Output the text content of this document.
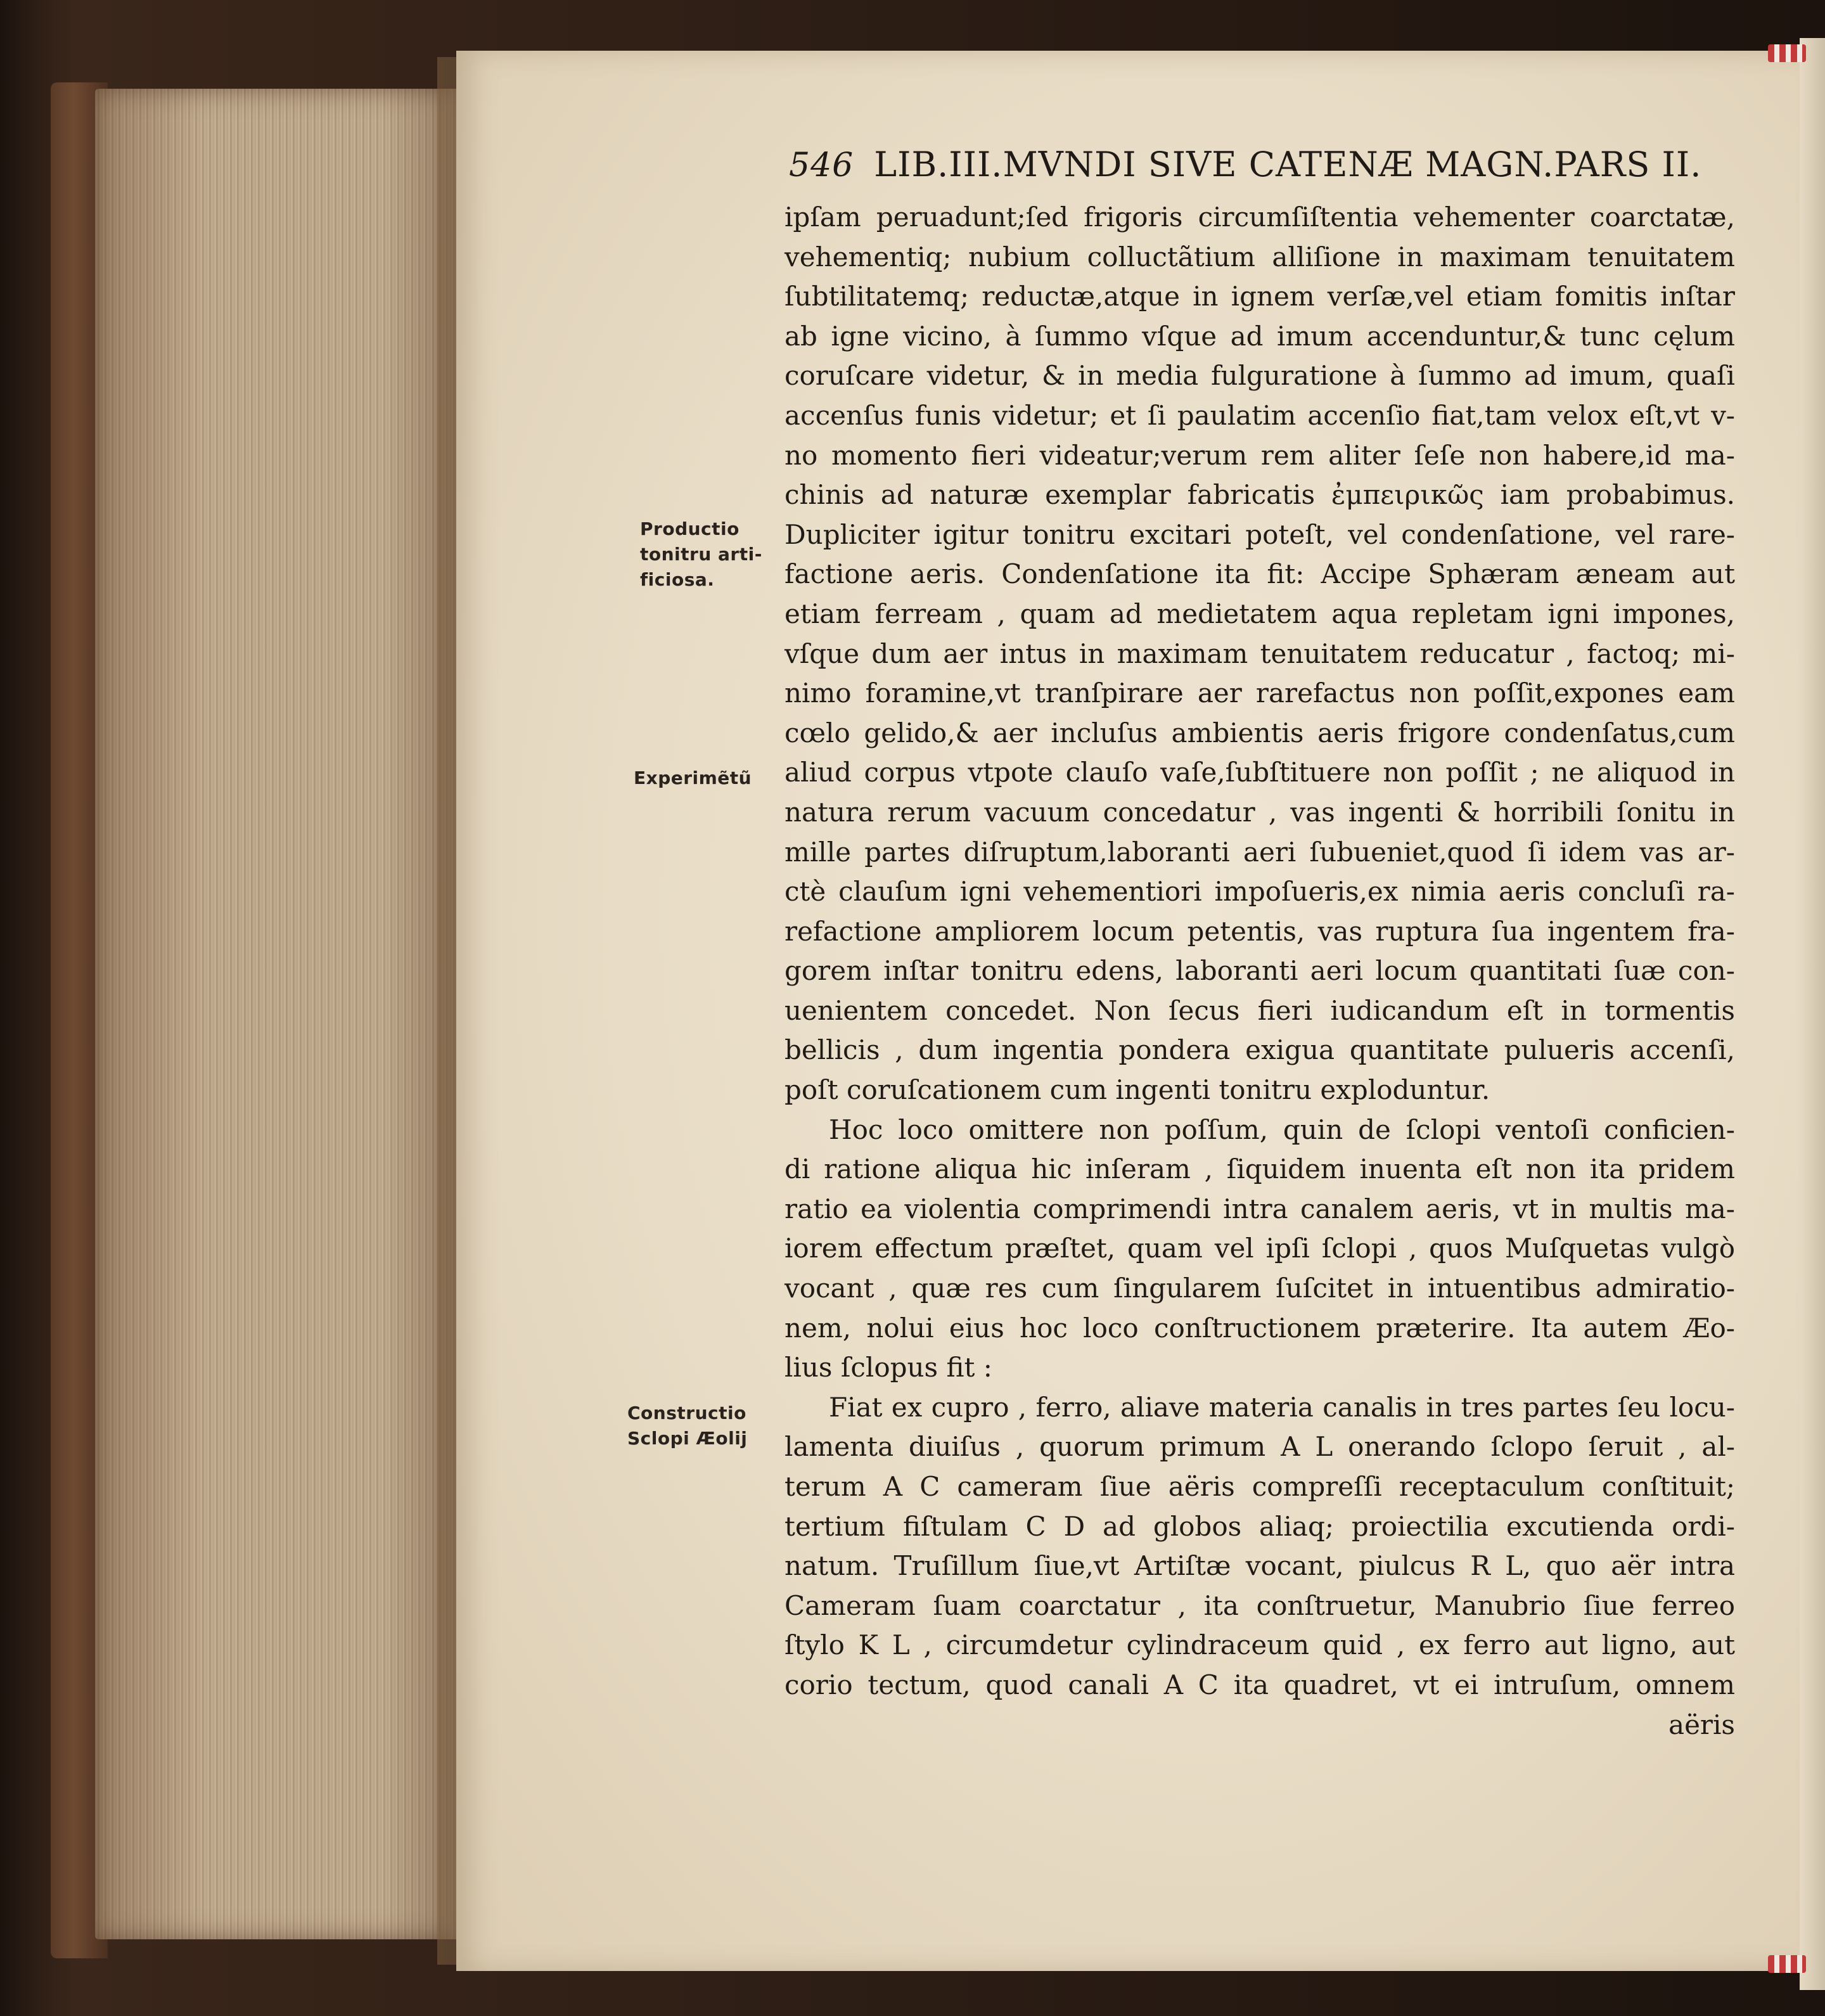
546 LIB.III.MVNDI SIVE CATENÆ MAGN.PARS II.
Productio
tonitru arti-
ficiosa.
Experimẽtũ
Constructio
Sclopi Æolij
ipſam peruadunt;ſed frigoris circumſiſtentia vehementer coarctatæ,
vehementiq; nubium colluctãtium alliſione in maximam tenuitatem
ſubtilitatemq; reductæ,atque in ignem verſæ,vel etiam fomitis inſtar
ab igne vicino, à ſummo vſque ad imum accenduntur,& tunc cęlum
coruſcare videtur, & in media fulguratione à ſummo ad imum, quaſi
accenſus funis videtur; et ſi paulatim accenſio fiat,tam velox eſt,vt v-
no momento fieri videatur;verum rem aliter ſeſe non habere,id ma-
chinis ad naturæ exemplar fabricatis ἐμπειρικῶς iam probabimus.
Dupliciter igitur tonitru excitari poteſt, vel condenſatione, vel rare-
factione aeris. Condenſatione ita fit: Accipe Sphæram æneam aut
etiam ferream , quam ad medietatem aqua repletam igni impones,
vſque dum aer intus in maximam tenuitatem reducatur , factoq; mi-
nimo foramine,vt tranſpirare aer rarefactus non poſſit,expones eam
cœlo gelido,& aer incluſus ambientis aeris frigore condenſatus,cum
aliud corpus vtpote clauſo vaſe,ſubſtituere non poſſit ; ne aliquod in
natura rerum vacuum concedatur , vas ingenti & horribili ſonitu in
mille partes diſruptum,laboranti aeri ſubueniet,quod ſi idem vas ar-
ctè clauſum igni vehementiori impoſueris,ex nimia aeris concluſi ra-
refactione ampliorem locum petentis, vas ruptura ſua ingentem fra-
gorem inſtar tonitru edens, laboranti aeri locum quantitati ſuæ con-
uenientem concedet. Non ſecus fieri iudicandum eſt in tormentis
bellicis , dum ingentia pondera exigua quantitate pulueris accenſi,
poſt coruſcationem cum ingenti tonitru exploduntur.
Hoc loco omittere non poſſum, quin de ſclopi ventoſi conficien-
di ratione aliqua hic inſeram , ſiquidem inuenta eſt non ita pridem
ratio ea violentia comprimendi intra canalem aeris, vt in multis ma-
iorem effectum præſtet, quam vel ipſi ſclopi , quos Muſquetas vulgò
vocant , quæ res cum ſingularem ſuſcitet in intuentibus admiratio-
nem, nolui eius hoc loco conſtructionem præterire. Ita autem Æo-
lius ſclopus fit :
Fiat ex cupro , ferro, aliave materia canalis in tres partes ſeu locu-
lamenta diuiſus , quorum primum A L onerando ſclopo ſeruit , al-
terum A C cameram ſiue aëris compreſſi receptaculum conſtituit;
tertium fiſtulam C D ad globos aliaq; proiectilia excutienda ordi-
natum. Truſillum ſiue,vt Artiſtæ vocant, piulcus R L, quo aër intra
Cameram ſuam coarctatur , ita conſtruetur, Manubrio ſiue ferreo
ſtylo K L , circumdetur cylindraceum quid , ex ferro aut ligno, aut
corio tectum, quod canali A C ita quadret, vt ei intruſum, omnem
aëris
